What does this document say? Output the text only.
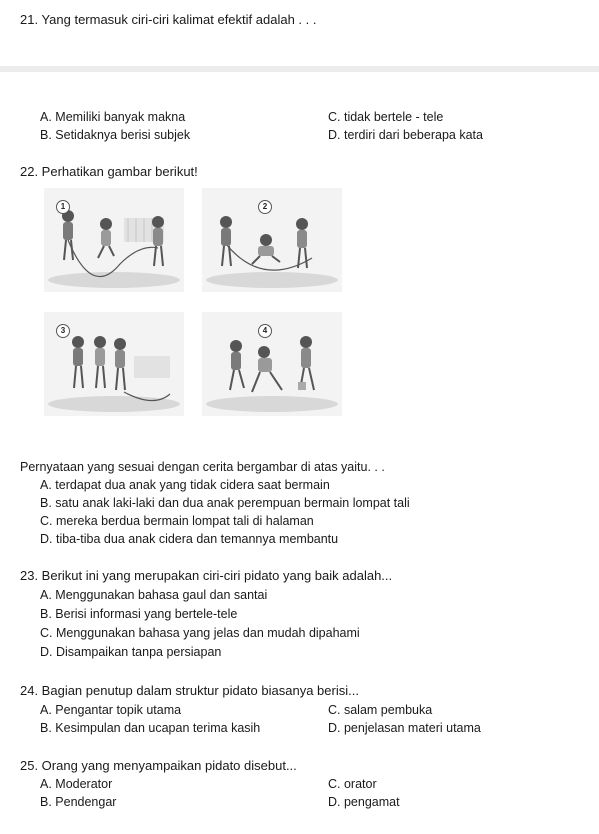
21. Yang termasuk ciri-ciri kalimat efektif adalah . . .
A. Memiliki banyak makna
B. Setidaknya berisi subjek
C. tidak bertele - tele
D. terdiri dari beberapa kata
22. Perhatikan gambar berikut!
1	2
3	4
Pernyataan yang sesuai dengan cerita bergambar di atas yaitu. . .
A. terdapat dua anak yang tidak cidera saat bermain
B. satu anak laki-laki dan dua anak perempuan bermain lompat tali
C. mereka berdua bermain lompat tali di halaman
D. tiba-tiba dua anak cidera dan temannya membantu
23. Berikut ini yang merupakan ciri-ciri pidato yang baik adalah...
A. Menggunakan bahasa gaul dan santai
B. Berisi informasi yang bertele-tele
C. Menggunakan bahasa yang jelas dan mudah dipahami
D. Disampaikan tanpa persiapan
24. Bagian penutup dalam struktur pidato biasanya berisi...
A. Pengantar topik utama
B. Kesimpulan dan ucapan terima kasih
C. salam pembuka
D. penjelasan materi utama
25. Orang yang menyampaikan pidato disebut...
A. Moderator
B. Pendengar
C. orator
D. pengamat
